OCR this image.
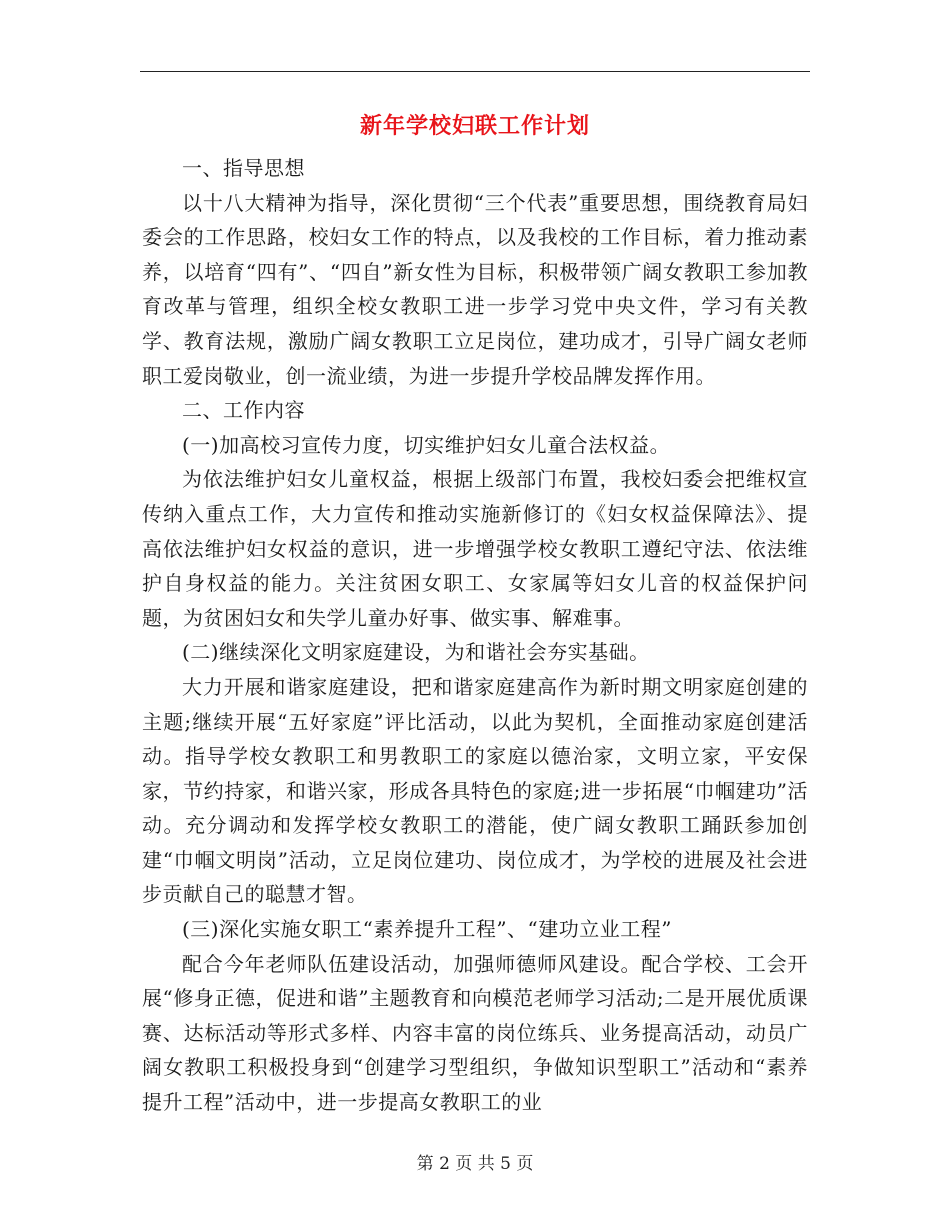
新年学校妇联工作计划

一、指导思想

以十八大精神为指导，深化贯彻“三个代表”重要思想，围绕教育局妇委会的工作思路，校妇女工作的特点，以及我校的工作目标，着力推动素养，以培育“四有”、“四自”新女性为目标，积极带领广阔女教职工参加教育改革与管理，组织全校女教职工进一步学习党中央文件，学习有关教学、教育法规，激励广阔女教职工立足岗位，建功成才，引导广阔女老师职工爱岗敬业，创一流业绩，为进一步提升学校品牌发挥作用。

二、工作内容

(一)加高校习宣传力度，切实维护妇女儿童合法权益。

为依法维护妇女儿童权益，根据上级部门布置，我校妇委会把维权宣传纳入重点工作，大力宣传和推动实施新修订的《妇女权益保障法》、提高依法维护妇女权益的意识，进一步增强学校女教职工遵纪守法、依法维护自身权益的能力。关注贫困女职工、女家属等妇女儿音的权益保护问题，为贫困妇女和失学儿童办好事、做实事、解难事。

(二)继续深化文明家庭建设，为和谐社会夯实基础。

大力开展和谐家庭建设，把和谐家庭建高作为新时期文明家庭创建的主题;继续开展“五好家庭”评比活动，以此为契机，全面推动家庭创建活动。指导学校女教职工和男教职工的家庭以德治家，文明立家，平安保家，节约持家，和谐兴家，形成各具特色的家庭;进一步拓展“巾帼建功”活动。充分调动和发挥学校女教职工的潜能，使广阔女教职工踊跃参加创建“巾帼文明岗”活动，立足岗位建功、岗位成才，为学校的进展及社会进步贡献自己的聪慧才智。

(三)深化实施女职工“素养提升工程”、“建功立业工程”

配合今年老师队伍建设活动，加强师德师风建设。配合学校、工会开展“修身正德，促进和谐”主题教育和向模范老师学习活动;二是开展优质课赛、达标活动等形式多样、内容丰富的岗位练兵、业务提高活动，动员广阔女教职工积极投身到“创建学习型组织，争做知识型职工”活动和“素养提升工程”活动中，进一步提高女教职工的业

第 2 页 共 5 页
